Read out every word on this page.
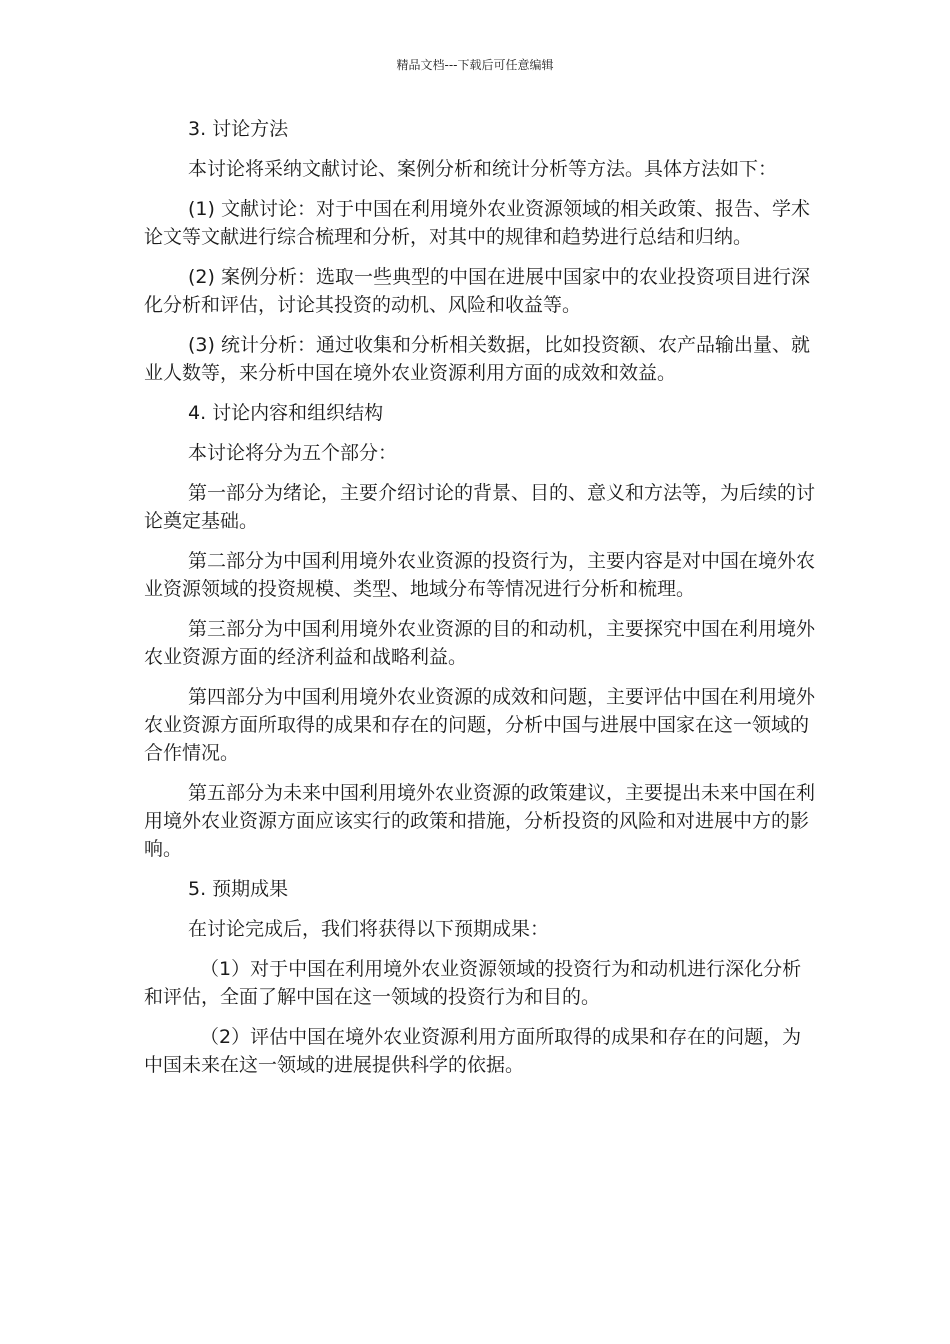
精品文档---下载后可任意编辑

3. 讨论方法

本讨论将采纳文献讨论、案例分析和统计分析等方法。具体方法如下：

(1) 文献讨论：对于中国在利用境外农业资源领域的相关政策、报告、学术论文等文献进行综合梳理和分析，对其中的规律和趋势进行总结和归纳。

(2) 案例分析：选取一些典型的中国在进展中国家中的农业投资项目进行深化分析和评估，讨论其投资的动机、风险和收益等。

(3) 统计分析：通过收集和分析相关数据，比如投资额、农产品输出量、就业人数等，来分析中国在境外农业资源利用方面的成效和效益。

4. 讨论内容和组织结构

本讨论将分为五个部分：

第一部分为绪论，主要介绍讨论的背景、目的、意义和方法等，为后续的讨论奠定基础。

第二部分为中国利用境外农业资源的投资行为，主要内容是对中国在境外农业资源领域的投资规模、类型、地域分布等情况进行分析和梳理。

第三部分为中国利用境外农业资源的目的和动机，主要探究中国在利用境外农业资源方面的经济利益和战略利益。

第四部分为中国利用境外农业资源的成效和问题，主要评估中国在利用境外农业资源方面所取得的成果和存在的问题，分析中国与进展中国家在这一领域的合作情况。

第五部分为未来中国利用境外农业资源的政策建议，主要提出未来中国在利用境外农业资源方面应该实行的政策和措施，分析投资的风险和对进展中方的影响。

5. 预期成果

在讨论完成后，我们将获得以下预期成果：

（1）对于中国在利用境外农业资源领域的投资行为和动机进行深化分析和评估，全面了解中国在这一领域的投资行为和目的。

（2）评估中国在境外农业资源利用方面所取得的成果和存在的问题，为中国未来在这一领域的进展提供科学的依据。
